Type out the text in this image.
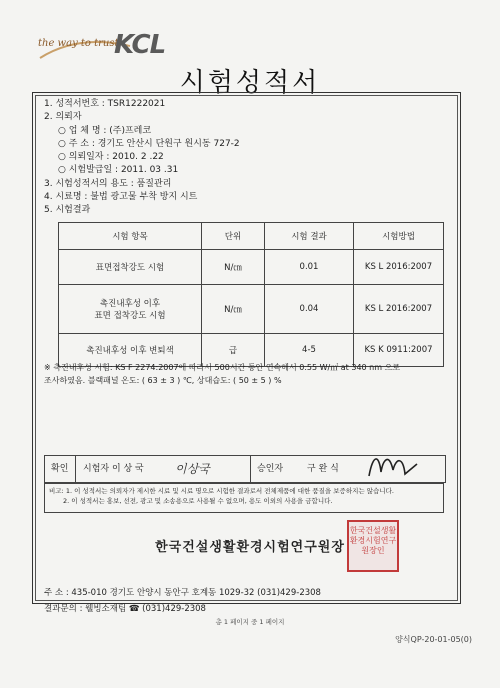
the way to trust
KCL
시험성적서
1. 성적서번호 : TSR1222021
2. 의뢰자
○ 업 체 명 : (주)프레코
○ 주 소 : 경기도 안산시 단원구 원시동 727-2
○ 의뢰일자 : 2010. 2 .22
○ 시험발급일 : 2011. 03 .31
3. 시험성적서의 용도 : 품질관리
4. 시료명 : 불법 광고물 부착 방지 시트
5. 시험결과
시험 항목	단위	시험 결과	시험방법
표면접착강도 시험	N/㎝	0.01	KS L 2016:2007

촉진내후성 이후
표면 접착강도 시험	N/㎝	0.04	KS L 2016:2007
촉진내후성 이후 변퇴색	급	4-5	KS K 0911:2007
※ 촉진내후성 시험: KS F 2274:2007에 따라서 500시간 동안 연속해서 0.55 W/㎡ at 340 nm 으로
조사하였음. 블랙패널 온도: ( 63 ± 3 ) ℃, 상대습도: ( 50 ± 5 ) %
확인 시험자 이 상 국	이상국	승인자	구 완 식
비고: 1. 이 성적서는 의뢰자가 제시한 시료 및 시료 명으로 시험한 결과로서 전체제품에 대한 품질을 보증하지는 않습니다.
2. 이 성적서는 홍보, 선전, 광고 및 소송용으로 사용될 수 없으며, 용도 이외의 사용을 금합니다.
한국건설생활환경시험연구원장
한국건설생활환경시험연구원장인
주 소 : 435-010 경기도 안양시 동안구 호계동 1029-32 (031)429-2308
결과문의 : 웰빙소재팀 ☎ (031)429-2308
총 1 페이지 중 1 페이지
양식QP-20-01-05(0)
